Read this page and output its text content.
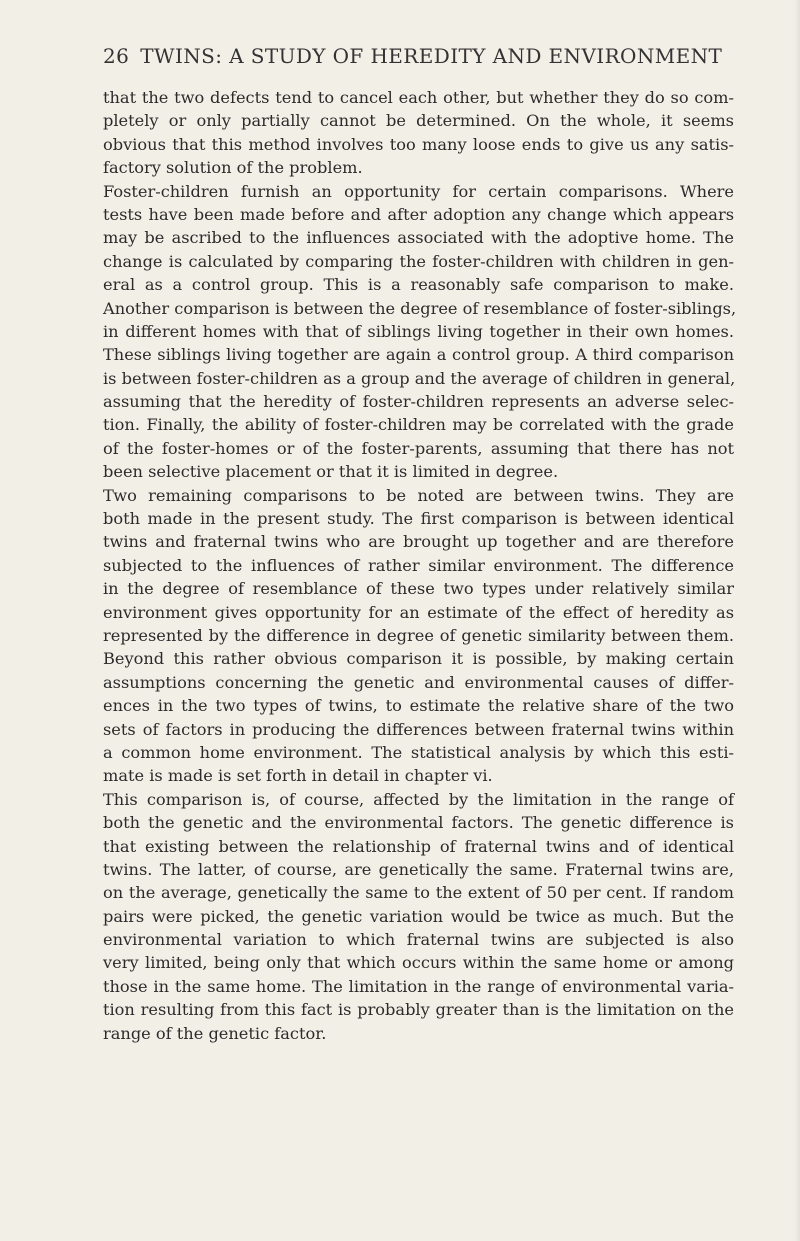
26 TWINS: A STUDY OF HEREDITY AND ENVIRONMENT
that the two defects tend to cancel each other, but whether they do so com-
pletely or only partially cannot be determined. On the whole, it seems
obvious that this method involves too many loose ends to give us any satis-
factory solution of the problem.
Foster-children furnish an opportunity for certain comparisons. Where
tests have been made before and after adoption any change which appears
may be ascribed to the influences associated with the adoptive home. The
change is calculated by comparing the foster-children with children in gen-
eral as a control group. This is a reasonably safe comparison to make.
Another comparison is between the degree of resemblance of foster-siblings,
in different homes with that of siblings living together in their own homes.
These siblings living together are again a control group. A third comparison
is between foster-children as a group and the average of children in general,
assuming that the heredity of foster-children represents an adverse selec-
tion. Finally, the ability of foster-children may be correlated with the grade
of the foster-homes or of the foster-parents, assuming that there has not
been selective placement or that it is limited in degree.
Two remaining comparisons to be noted are between twins. They are
both made in the present study. The first comparison is between identical
twins and fraternal twins who are brought up together and are therefore
subjected to the influences of rather similar environment. The difference
in the degree of resemblance of these two types under relatively similar
environment gives opportunity for an estimate of the effect of heredity as
represented by the difference in degree of genetic similarity between them.
Beyond this rather obvious comparison it is possible, by making certain
assumptions concerning the genetic and environmental causes of differ-
ences in the two types of twins, to estimate the relative share of the two
sets of factors in producing the differences between fraternal twins within
a common home environment. The statistical analysis by which this esti-
mate is made is set forth in detail in chapter vi.
This comparison is, of course, affected by the limitation in the range of
both the genetic and the environmental factors. The genetic difference is
that existing between the relationship of fraternal twins and of identical
twins. The latter, of course, are genetically the same. Fraternal twins are,
on the average, genetically the same to the extent of 50 per cent. If random
pairs were picked, the genetic variation would be twice as much. But the
environmental variation to which fraternal twins are subjected is also
very limited, being only that which occurs within the same home or among
those in the same home. The limitation in the range of environmental varia-
tion resulting from this fact is probably greater than is the limitation on the
range of the genetic factor.
